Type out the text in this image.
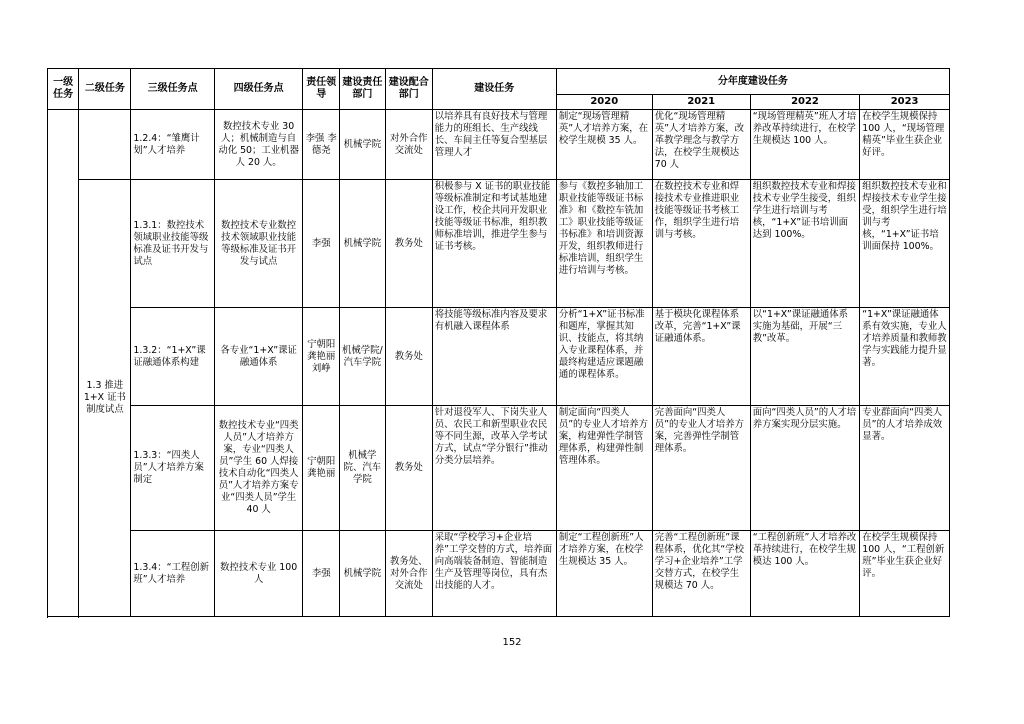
一级任务	二级任务	三级任务点	四级任务点	责任领导	建设责任部门	建设配合部门	建设任务	分年度建设任务			
								2020	2021	2022	2023
		1.2.4：“雏鹰计划”人才培养	数控技术专业 30 人；机械制造与自动化 50；工业机器人 20 人。	李强 李德尧	机械学院	对外合作交流处	以培养具有良好技术与管理能力的班组长、生产线线长、车间主任等复合型基层管理人才	制定“现场管理精英”人才培养方案，在校学生规模 35 人。	优化“现场管理精英”人才培养方案，改革教学理念与教学方法，在校学生规模达 70 人	“现场管理精英”班人才培养改革持续进行，在校学生规模达 100 人。	在校学生规模保持 100 人，“现场管理精英”毕业生获企业好评。
	1.3 推进1+X 证书制度试点	1.3.1：数控技术领域职业技能等级标准及证书开发与试点	数控技术专业数控技术领域职业技能等级标准及证书开发与试点	李强	机械学院	教务处	积极参与 X 证书的职业技能等级标准制定和考试基地建设工作，校企共同开发职业技能等级证书标准，组织教师标准培训，推进学生参与证书考核。	参与《数控多轴加工职业技能等级证书标准》和《数控车铣加工》职业技能等级证书标准》和培训资源开发，组织教师进行标准培训，组织学生进行培训与考核。	在数控技术专业和焊接技术专业推进职业技能等级证书考核工作，组织学生进行培训与考核。	组织数控技术专业和焊接技术专业学生接受，组织学生进行培训与考核，“1+X”证书培训面达到 100%。	组织数控技术专业和焊接技术专业学生接受，组织学生进行培训与考核，“1+X”证书培训面保持 100%。
		1.3.2：“1+X”课证融通体系构建	各专业“1+X”课证融通体系	宁朝阳 龚艳丽 刘峥	机械学院/汽车学院	教务处	将技能等级标准内容及要求有机融入课程体系	分析“1+X”证书标准和题库，掌握其知识、技能点，将其纳入专业课程体系，并最终构建适应课题融通的课程体系。	基于模块化课程体系改革，完善“1+X”课证融通体系。	以“1+X”课证融通体系实施为基础，开展“三教”改革。	“1+X”课证融通体系有效实施，专业人才培养质量和教师教学与实践能力提升显著。
		1.3.3：“四类人员”人才培养方案制定	数控技术专业“四类人员”人才培养方案，专业“四类人员”学生 60 人焊接技术自动化“四类人员”人才培养方案专业“四类人员”学生 40 人	宁朝阳 龚艳丽	机械学院、汽车学院	教务处	针对退役军人、下岗失业人员、农民工和新型职业农民等不同生源，改革入学考试方式，试点“学分银行”推动分类分层培养。	制定面向“四类人员”的专业人才培养方案，构建弹性学制管理体系，构建弹性制管理体系。	完善面向“四类人员”的专业人才培养方案，完善弹性学制管理体系。	面向“四类人员”的人才培养方案实现分层实施。	专业群面向“四类人员”的人才培养成效显著。
		1.3.4：“工程创新班”人才培养	数控技术专业 100 人	李强	机械学院	教务处、对外合作交流处	采取“学校学习+企业培养”工学交替的方式，培养面向高端装备制造、智能制造生产及管理等岗位，具有杰出技能的人才。	制定“工程创新班”人才培养方案，在校学生规模达 35 人。	完善“工程创新班”课程体系，优化其“学校学习+企业培养”工学交替方式，在校学生规模达 70 人。	“工程创新班”人才培养改革持续进行，在校学生规模达 100 人。	在校学生规模保持 100 人，“工程创新班”毕业生获企业好评。

152
